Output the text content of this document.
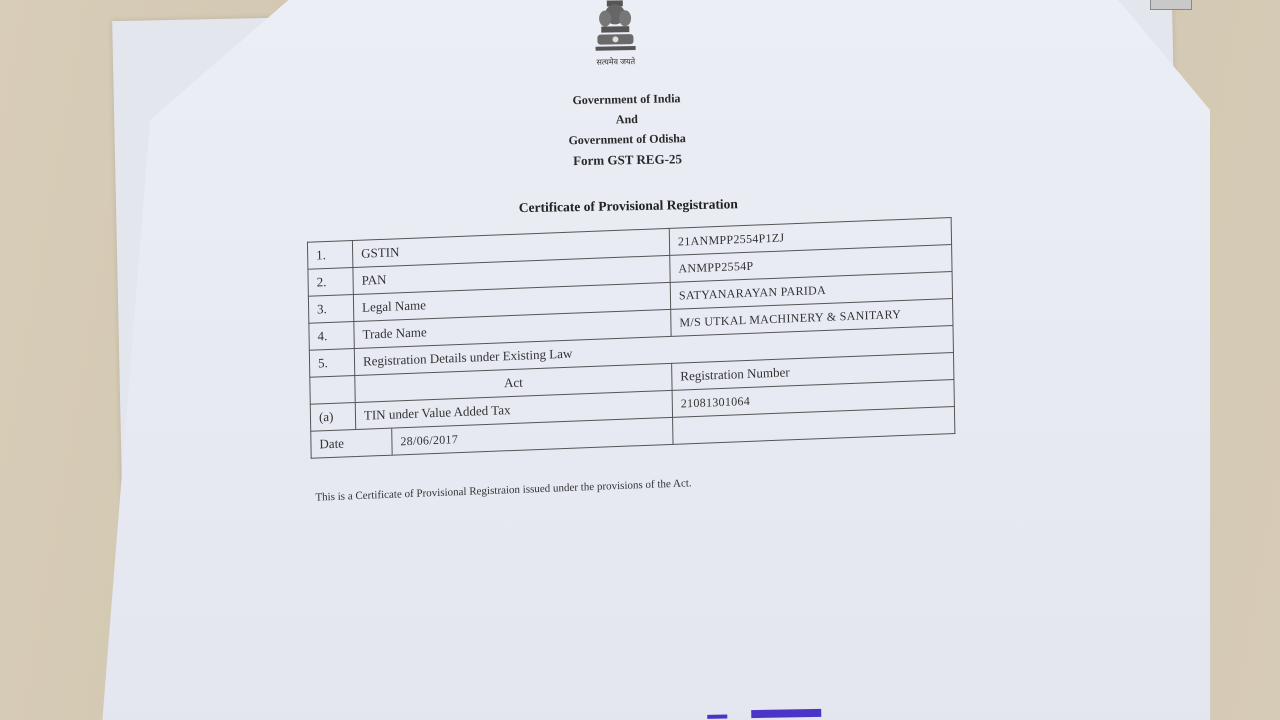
सत्यमेव जयते
Government of India
And
Government of Odisha
Form GST REG-25
Certificate of Provisional Registration
1.	GSTIN	21ANMPP2554P1ZJ
2.	PAN	ANMPP2554P
3.	Legal Name	SATYANARAYAN PARIDA
4.	Trade Name	M/S UTKAL MACHINERY & SANITARY
5.	Registration Details under Existing Law	
	Act	Registration Number
(a)	TIN under Value Added Tax	21081301064

Date 28/06/2017		

This is a Certificate of Provisional Registraion issued under the provisions of the Act.
